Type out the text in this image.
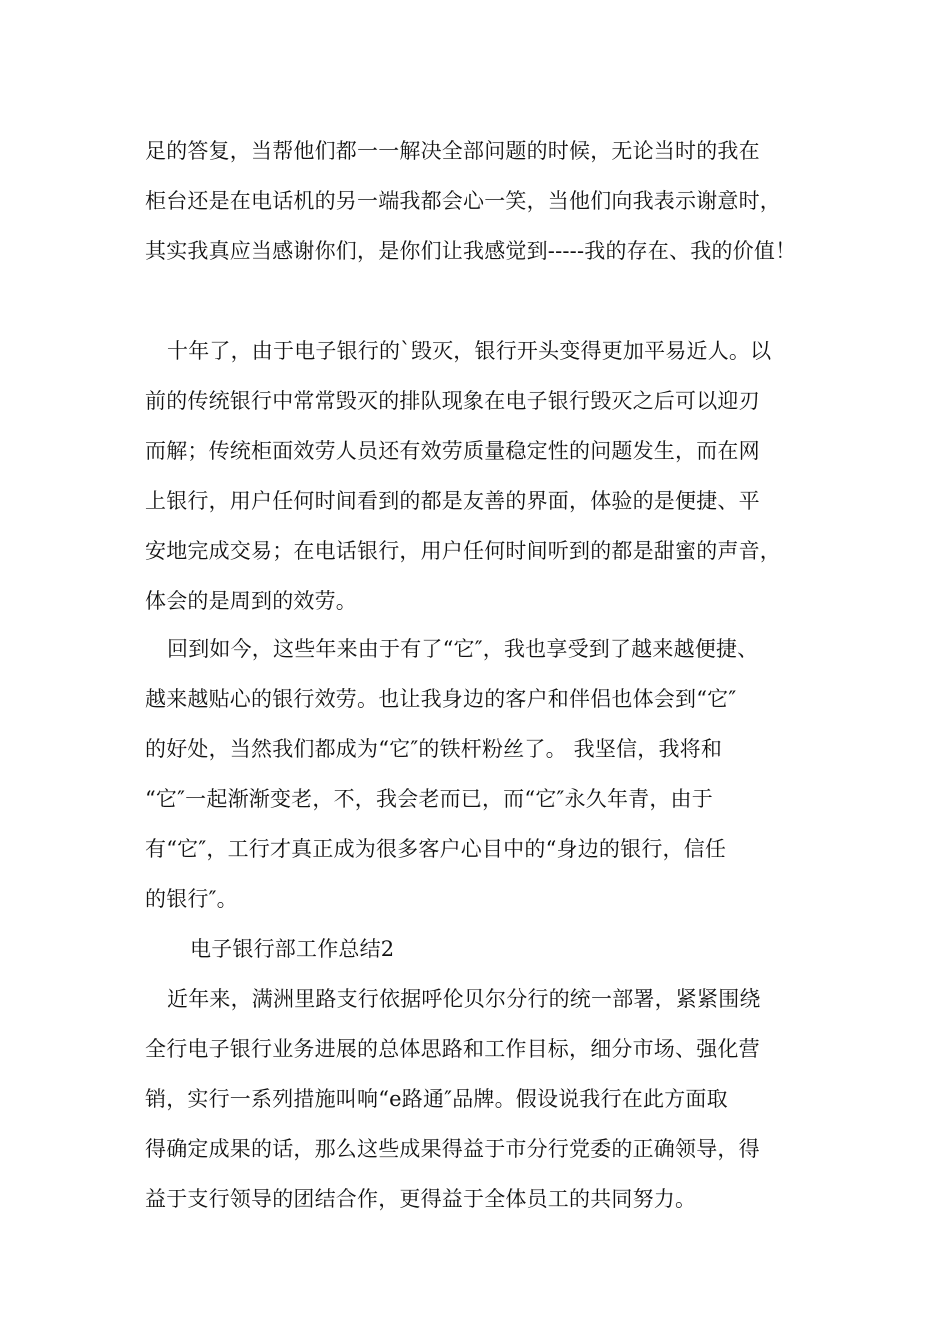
足的答复，当帮他们都一一解决全部问题的时候，无论当时的我在
柜台还是在电话机的另一端我都会心一笑，当他们向我表示谢意时，
其实我真应当感谢你们，是你们让我感觉到-----我的存在、我的价值！
十年了，由于电子银行的`毁灭，银行开头变得更加平易近人。以
前的传统银行中常常毁灭的排队现象在电子银行毁灭之后可以迎刃
而解；传统柜面效劳人员还有效劳质量稳定性的问题发生，而在网
上银行，用户任何时间看到的都是友善的界面，体验的是便捷、平
安地完成交易；在电话银行，用户任何时间听到的都是甜蜜的声音，
体会的是周到的效劳。
回到如今，这些年来由于有了“它″，我也享受到了越来越便捷、
越来越贴心的银行效劳。也让我身边的客户和伴侣也体会到“它″
的好处，当然我们都成为“它″的铁杆粉丝了。 我坚信，我将和
“它″一起渐渐变老，不，我会老而已，而“它″永久年青，由于
有“它″，工行才真正成为很多客户心目中的“身边的银行，信任
的银行″。
电子银行部工作总结2
近年来，满洲里路支行依据呼伦贝尔分行的统一部署，紧紧围绕
全行电子银行业务进展的总体思路和工作目标，细分市场、强化营
销，实行一系列措施叫响“e路通″品牌。假设说我行在此方面取
得确定成果的话，那么这些成果得益于市分行党委的正确领导，得
益于支行领导的团结合作，更得益于全体员工的共同努力。
